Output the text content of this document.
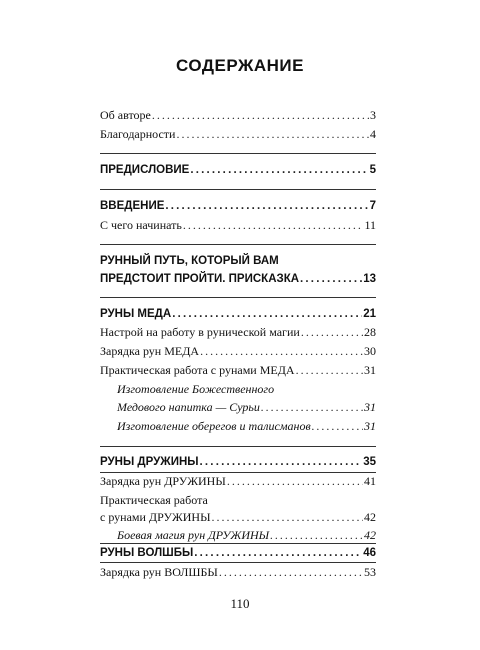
СОДЕРЖАНИЕ
Об авторе . . .	3
Благодарности . . .	4
ПРЕДИСЛОВИЕ . . .	5
ВВЕДЕНИЕ . . .	7
С чего начинать . . .	11
РУННЫЙ ПУТЬ, КОТОРЫЙ ВАМ
ПРЕДСТОИТ ПРОЙТИ. ПРИСКАЗКА . . .	13
РУНЫ МЕДА . . .	21
Настрой на работу в рунической магии . . .	28
Зарядка рун МЕДА . . .	30
Практическая работа с рунами МЕДА . . .	31
Изготовление Божественного
Медового напитка — Сурьи . . .	31
Изготовление оберегов и талисманов . . .	31
РУНЫ ДРУЖИНЫ . . .	35
Зарядка рун ДРУЖИНЫ . . .	41
Практическая работа
с рунами ДРУЖИНЫ . . .	42
Боевая магия рун ДРУЖИНЫ . . .	42
РУНЫ ВОЛШБЫ . . .	46
Зарядка рун ВОЛШБЫ . . .	53
110
